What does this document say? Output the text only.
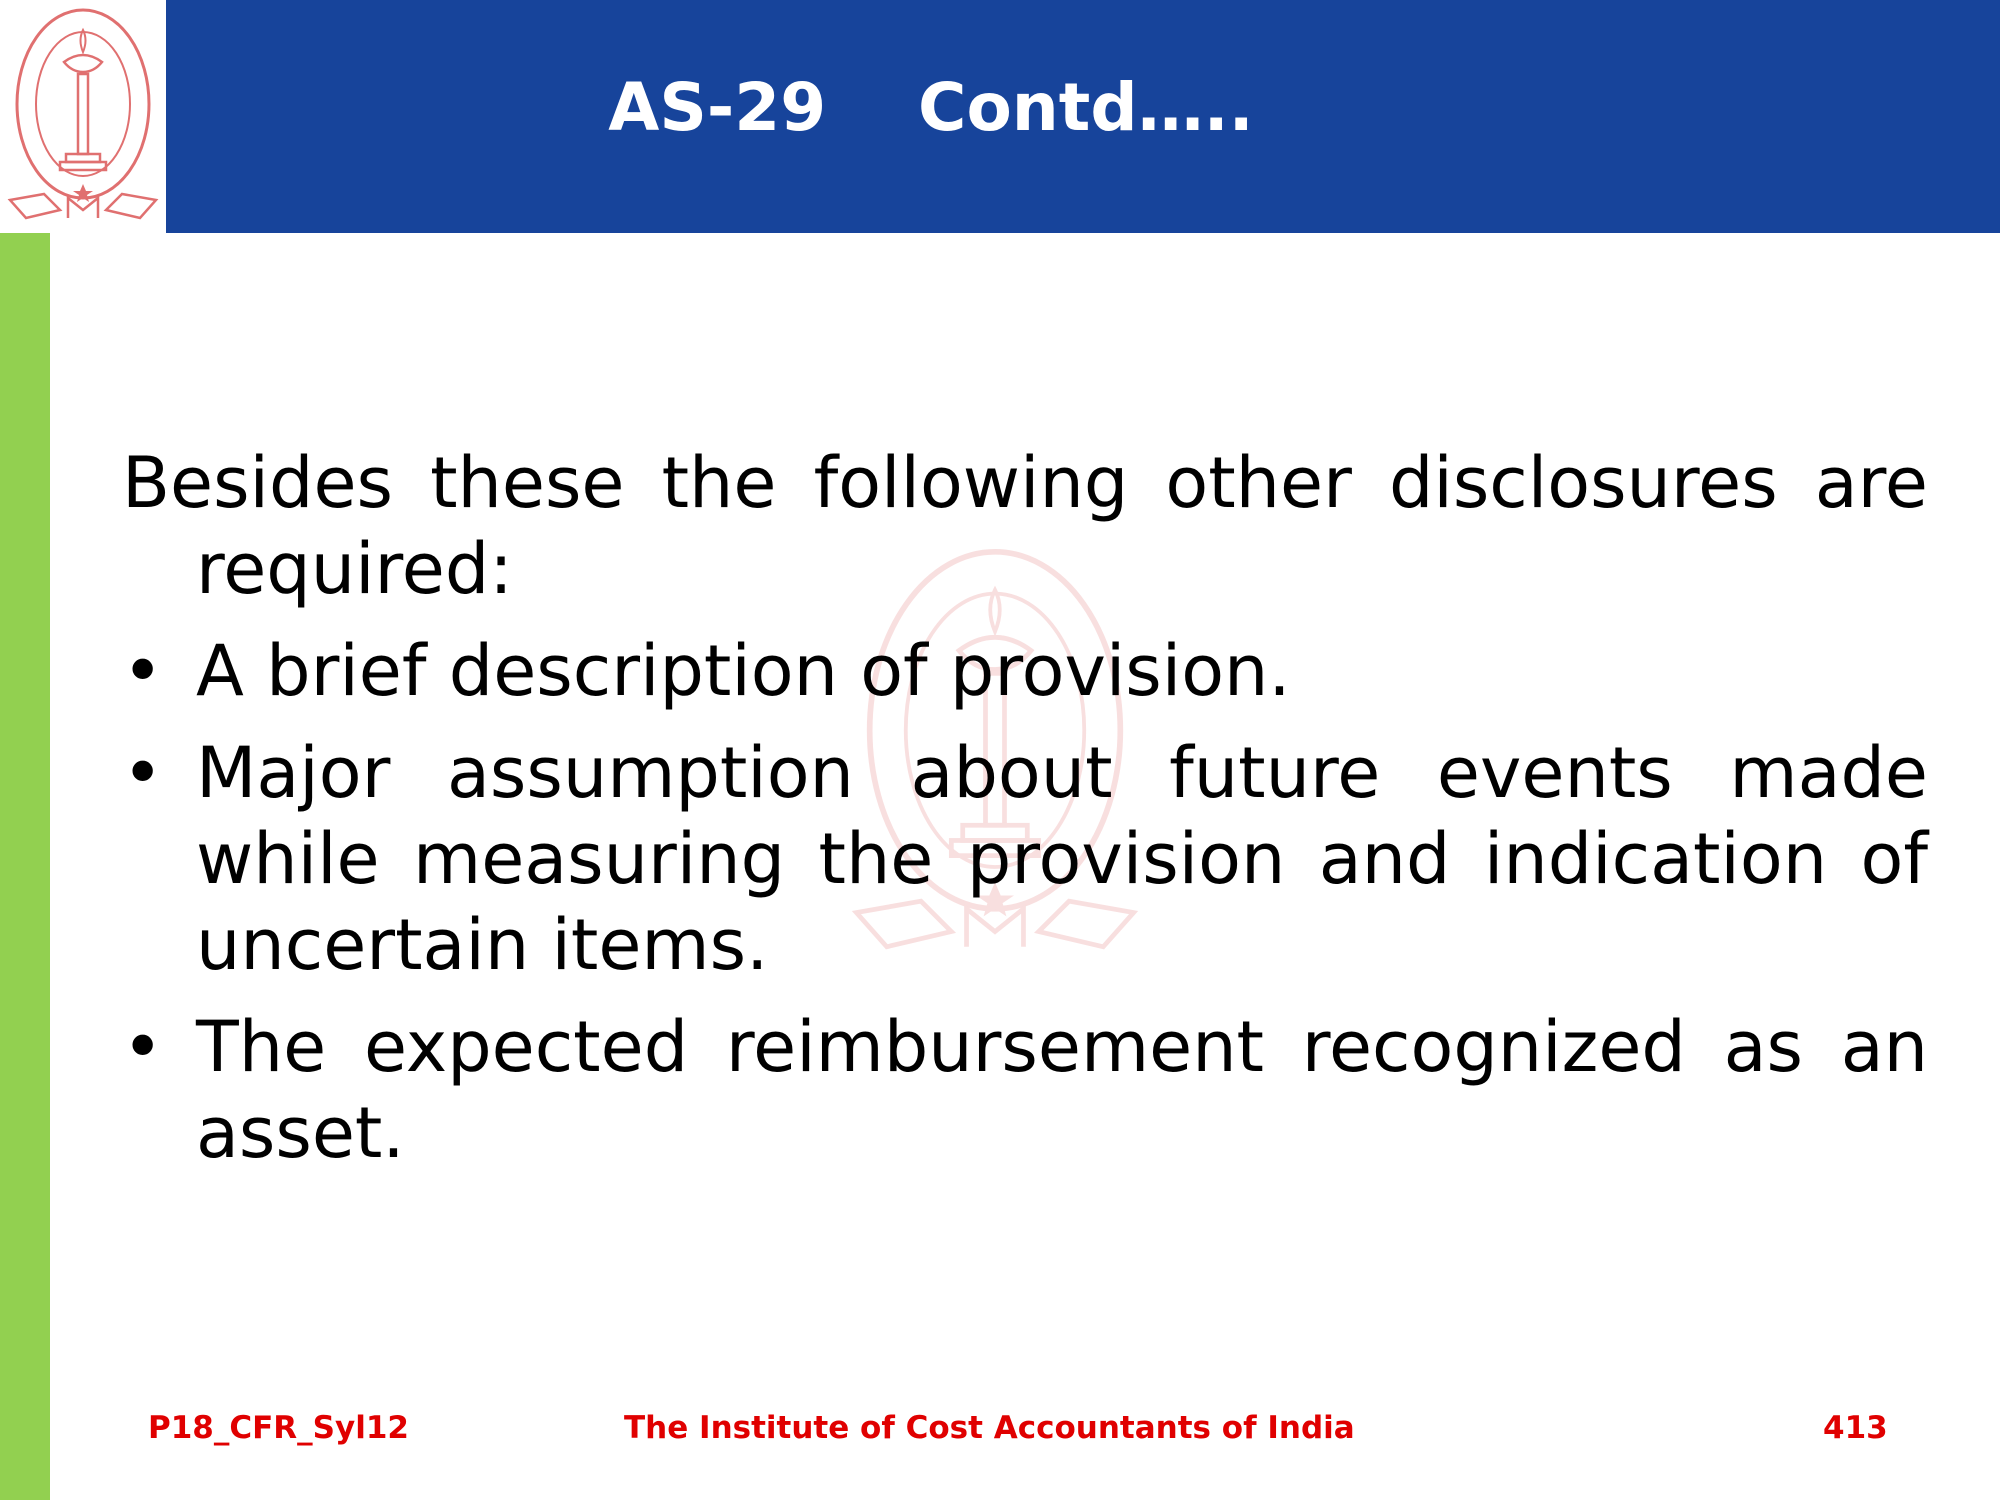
AS-29    Contd…..

Besides these the following other disclosures are required:

• A brief description of provision.
• Major assumption about future events made while measuring the provision and indication of uncertain items.
• The expected reimbursement recognized as an asset.
P18_CFR_Syl12	The Institute of Cost Accountants of India	413
